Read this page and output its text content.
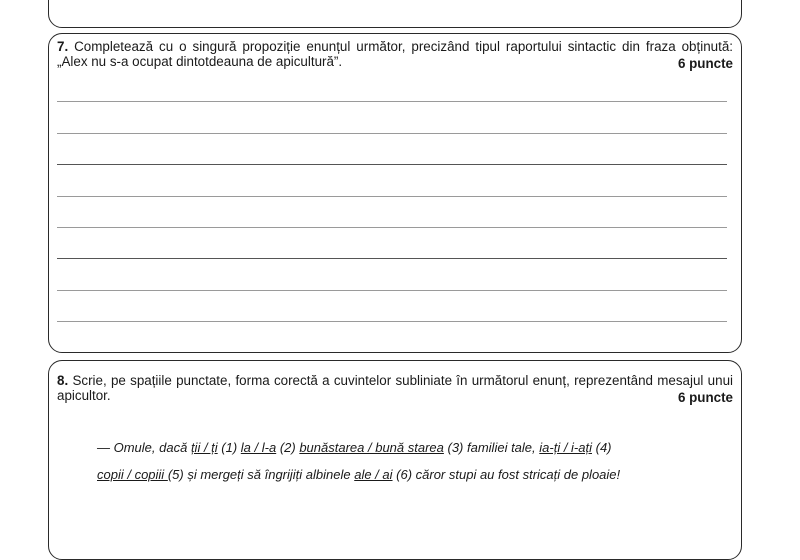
7. Completează cu o singură propoziție enunțul următor, precizând tipul raportului sintactic din fraza obținută: „Alex nu s-a ocupat dintotdeauna de apicultură”.	6 puncte
8. Scrie, pe spațiile punctate, forma corectă a cuvintelor subliniate în următorul enunț, reprezentând mesajul unui apicultor.	6 puncte
— Omule, dacă ții / ți (1) la / l-a (2) bunăstarea / bună starea (3) familiei tale, ia-ți / i-ați (4)
copii / copiii (5) și mergeți să îngrijiți albinele ale / ai (6) căror stupi au fost stricați de ploaie!
